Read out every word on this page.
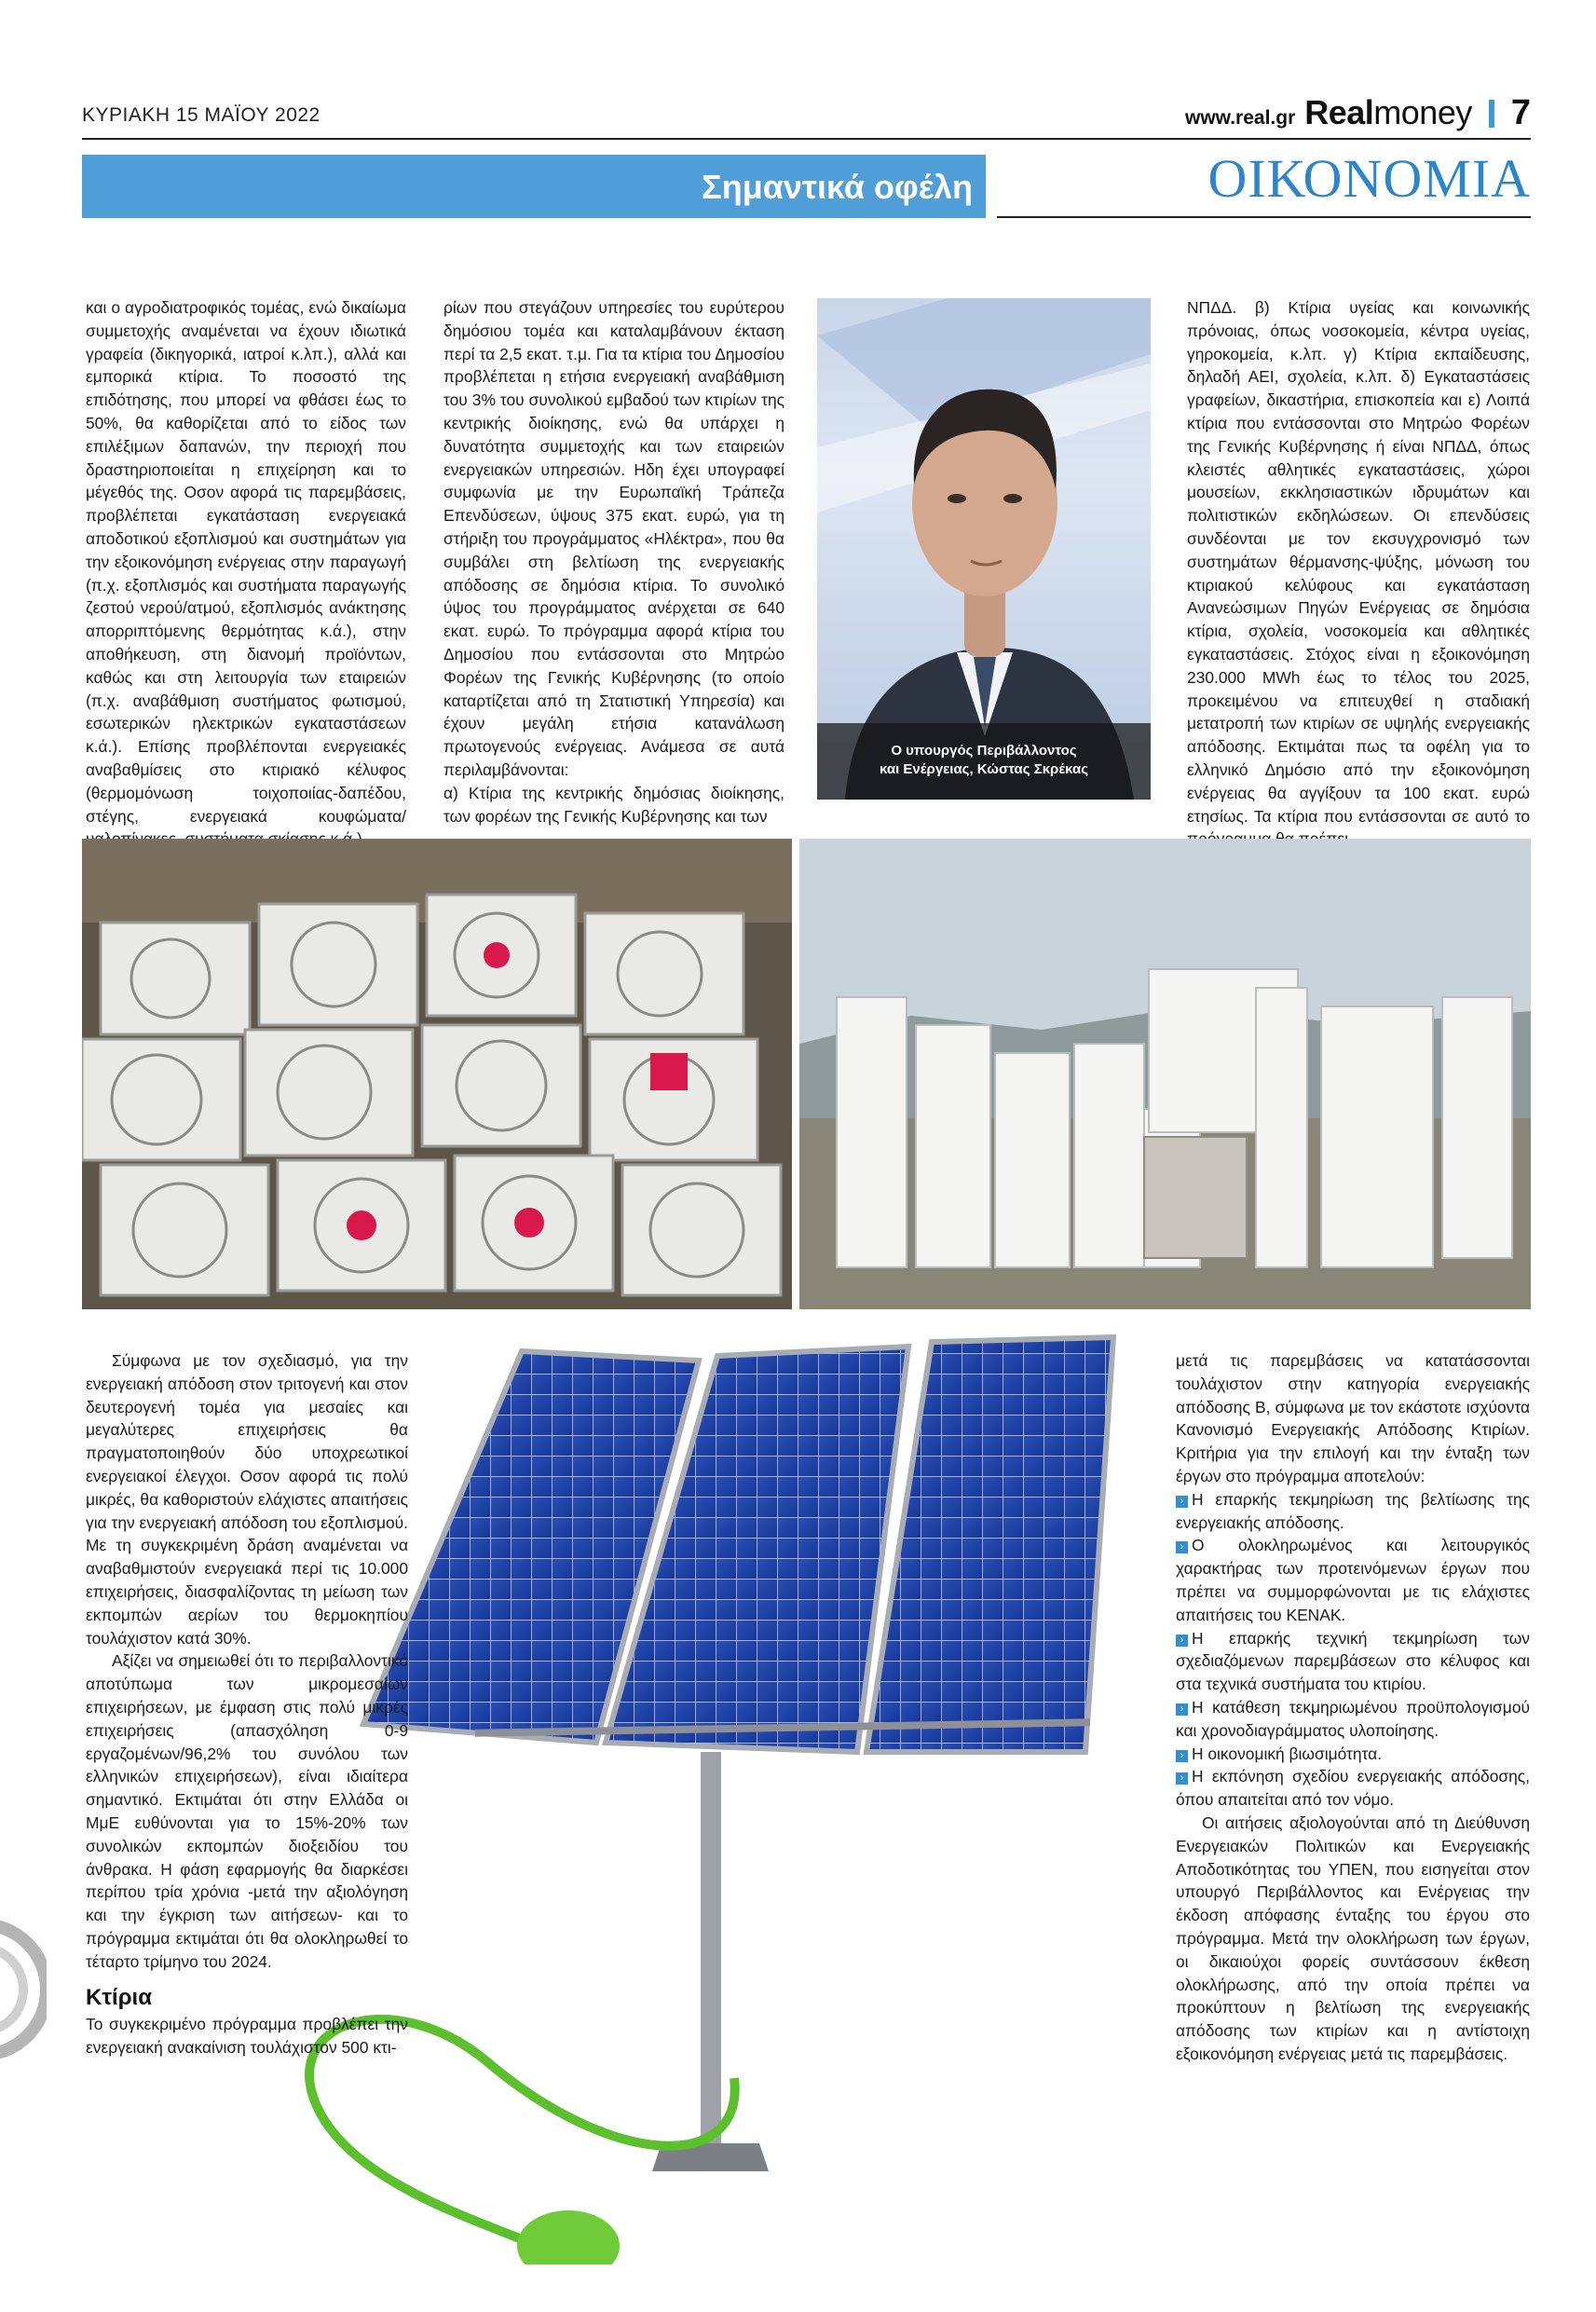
ΚΥΡΙΑΚΗ 15 ΜΑΪΟΥ 2022	www.real.gr Real money 7
Σημαντικά οφέλη	ΟΙΚΟΝΟΜΙΑ

και ο αγροδιατροφικός τομέας, ενώ δικαίωμα συμμετοχής αναμένεται να έχουν ιδιωτικά γραφεία (δικηγορικά, ιατροί κ.λπ.), αλλά και εμπορικά κτίρια. Το ποσοστό της επιδότησης, που μπορεί να φθάσει έως το 50%, θα καθορίζεται από το είδος των επιλέξιμων δαπανών, την περιοχή που δραστηριοποιείται η επιχείρηση και το μέγεθός της. Οσον αφορά τις παρεμβάσεις, προβλέπεται εγκατάσταση ενεργειακά αποδοτικού εξοπλισμού και συστημάτων για την εξοικονόμηση ενέργειας στην παραγωγή (π.χ. εξοπλισμός και συστήματα παραγωγής ζεστού νερού/ατμού, εξοπλισμός ανάκτησης απορριπτόμενης θερμότητας κ.ά.), στην αποθήκευση, στη διανομή προϊόντων, καθώς και στη λειτουργία των εταιρειών (π.χ. αναβάθμιση συστήματος φωτισμού, εσωτερικών ηλεκτρικών εγκαταστάσεων κ.ά.). Επίσης προβλέπονται ενεργειακές αναβαθμίσεις στο κτιριακό κέλυφος (θερμομόνωση τοιχοποιίας-δαπέδου, στέγης, ενεργειακά κουφώματα/

ρίων που στεγάζουν υπηρεσίες του ευρύτερου δημόσιου τομέα και καταλαμβάνουν έκταση περί τα 2,5 εκατ. τ.μ. Για τα κτίρια του Δημοσίου προβλέπεται η ετήσια ενεργειακή αναβάθμιση του 3% του συνολικού εμβαδού των κτιρίων της κεντρικής διοίκησης, ενώ θα υπάρχει η δυνατότητα συμμετοχής και των εταιρειών ενεργειακών υπηρεσιών. Ηδη έχει υπογραφεί συμφωνία με την Ευρωπαϊκή Τράπεζα Επενδύσεων, ύψους 375 εκατ. ευρώ, για τη στήριξη του προγράμματος «Ηλέκτρα», που θα συμβάλει στη βελτίωση της ενεργειακής απόδοσης σε δημόσια κτίρια. Το συνολικό ύψος του προγράμματος ανέρχεται σε 640 εκατ. ευρώ. Το πρόγραμμα αφορά κτίρια του Δημοσίου που εντάσσονται στο Μητρώο Φορέων της Γενικής Κυβέρνησης (το οποίο καταρτίζεται από τη Στατιστική Υπηρεσία) και έχουν μεγάλη ετήσια κατανάλωση πρωτογενούς ενέργειας. Ανάμεσα σε αυτά περιλαμβάνονται:

α) Κτίρια της κεντρικής δημόσιας διοίκησης, των φορέων της Γενικής Κυβέρνησης και των

Ο υπουργός Περιβάλλοντος
και Ενέργειας, Κώστας Σκρέκας

ΝΠΔΔ. β) Κτίρια υγείας και κοινωνικής πρόνοιας, όπως νοσοκομεία, κέντρα υγείας, γηροκομεία, κ.λπ. γ) Κτίρια εκπαίδευσης, δηλαδή ΑΕΙ, σχολεία, κ.λπ. δ) Εγκαταστάσεις γραφείων, δικαστήρια, επισκοπεία και ε) Λοιπά κτίρια που εντάσσονται στο Μητρώο Φορέων της Γενικής Κυβέρνησης ή είναι ΝΠΔΔ, όπως κλειστές αθλητικές εγκαταστάσεις, χώροι μουσείων, εκκλησιαστικών ιδρυμάτων και πολιτιστικών εκδηλώσεων. Οι επενδύσεις συνδέονται με τον εκσυγχρονισμό των συστημάτων θέρμανσης-ψύξης, μόνωση του κτιριακού κελύφους και εγκατάσταση Ανανεώσιμων Πηγών Ενέργειας σε δημόσια κτίρια, σχολεία, νοσοκομεία και αθλητικές εγκαταστάσεις. Στόχος είναι η εξοικονόμηση 230.000 MWh έως το τέλος του 2025, προκειμένου να επιτευχθεί η σταδιακή μετατροπή των κτιρίων σε υψηλής ενεργειακής απόδοσης. Εκτιμάται πως τα οφέλη για το ελληνικό Δημόσιο από την εξοικονόμηση ενέργειας θα αγγίξουν τα 100 εκατ. ευρώ ετησίως. Τα κτίρια που εντάσσονται σε αυτό το

Σύμφωνα με τον σχεδιασμό, για την ενεργειακή απόδοση στον τριτογενή και στον δευτερογενή τομέα για μεσαίες και μεγαλύτερες επιχειρήσεις θα πραγματοποιηθούν δύο υποχρεωτικοί ενεργειακοί έλεγχοι. Οσον αφορά τις πολύ μικρές, θα καθοριστούν ελάχιστες απαιτήσεις για την ενεργειακή απόδοση του εξοπλισμού. Με τη συγκεκριμένη δράση αναμένεται να αναβαθμιστούν ενεργειακά περί τις 10.000 επιχειρήσεις, διασφαλίζοντας τη μείωση των εκπομπών αερίων του θερμοκηπίου τουλάχιστον κατά 30%.

Αξίζει να σημειωθεί ότι το περιβαλλοντικό αποτύπωμα των μικρομεσαίων επιχειρήσεων, με έμφαση στις πολύ μικρές επιχειρήσεις (απασχόληση 0-9 εργαζομένων/96,2% του συνόλου των ελληνικών επιχειρήσεων), είναι ιδιαίτερα σημαντικό. Εκτιμάται ότι στην Ελλάδα οι ΜμΕ ευθύνονται για το 15%-20% των συνολικών εκπομπών διοξειδίου του άνθρακα. Η φάση εφαρμογής θα διαρκέσει περίπου τρία χρόνια -μετά την αξιολόγηση και την έγκριση των αιτήσεων- και το πρόγραμμα εκτιμάται ότι θα ολοκληρωθεί το τέταρτο τρίμηνο του 2024.

Κτίρια

Το συγκεκριμένο πρόγραμμα προβλέπει την ενεργειακή ανακαίνιση τουλάχιστον 500 κτι-

μετά τις παρεμβάσεις να κατατάσσονται τουλάχιστον στην κατηγορία ενεργειακής απόδοσης Β, σύμφωνα με τον εκάστοτε ισχύοντα Κανονισμό Ενεργειακής Απόδοσης Κτιρίων. Κριτήρια για την επιλογή και την ένταξη των έργων στο πρόγραμμα αποτελούν:

› Η επαρκής τεκμηρίωση της βελτίωσης της ενεργειακής απόδοσης.

› Ο ολοκληρωμένος και λειτουργικός χαρακτήρας των προτεινόμενων έργων που πρέπει να συμμορφώνονται με τις ελάχιστες απαιτήσεις του ΚΕΝΑΚ.

› Η επαρκής τεχνική τεκμηρίωση των σχεδιαζόμενων παρεμβάσεων στο κέλυφος και στα τεχνικά συστήματα του κτιρίου.

› Η κατάθεση τεκμηριωμένου προϋπολογισμού και χρονοδιαγράμματος υλοποίησης.

› Η οικονομική βιωσιμότητα.

› Η εκπόνηση σχεδίου ενεργειακής απόδοσης, όπου απαιτείται από τον νόμο.

Οι αιτήσεις αξιολογούνται από τη Διεύθυνση Ενεργειακών Πολιτικών και Ενεργειακής Αποδοτικότητας του ΥΠΕΝ, που εισηγείται στον υπουργό Περιβάλλοντος και Ενέργειας την έκδοση απόφασης ένταξης του έργου στο πρόγραμμα. Μετά την ολοκλήρωση των έργων, οι δικαιούχοι φορείς συντάσσουν έκθεση ολοκλήρωσης, από την οποία πρέπει να προκύπτουν η βελτίωση της ενεργειακής απόδοσης των κτιρίων και η αντίστοιχη εξοικονόμηση ενέργειας μετά τις παρεμβάσεις.
